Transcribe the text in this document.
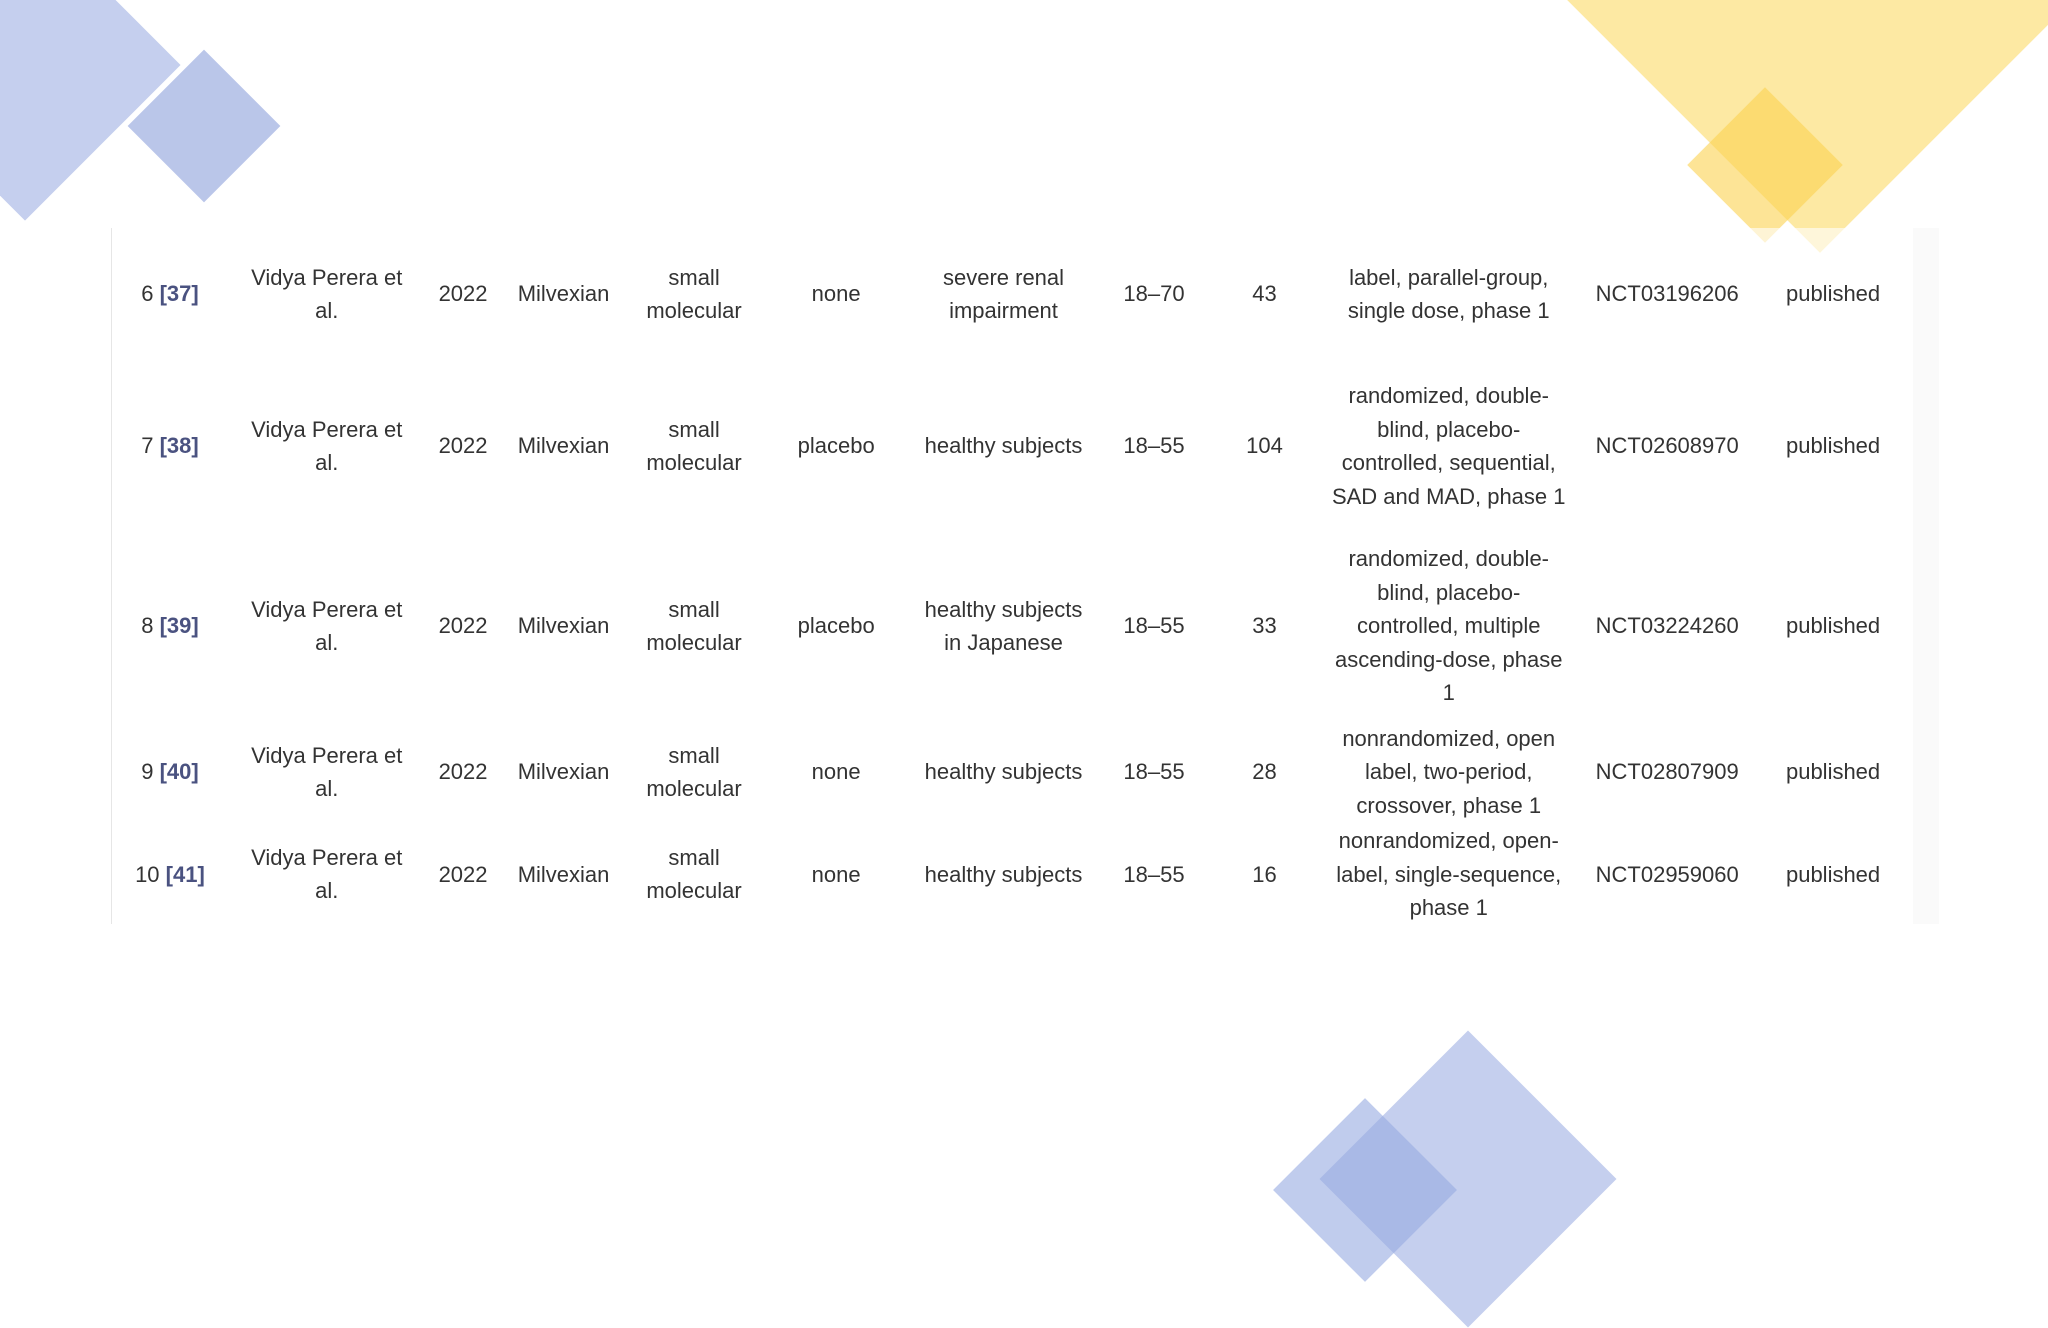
6 [37]	Vidya Perera et al.	2022	Milvexian	small molecular	none	severe renal impairment	18–70	43	label, parallel-group, single dose, phase 1	NCT03196206	published
7 [38]	Vidya Perera et al.	2022	Milvexian	small molecular	placebo	healthy subjects	18–55	104	randomized, double-blind, placebo-controlled, sequential, SAD and MAD, phase 1	NCT02608970	published
8 [39]	Vidya Perera et al.	2022	Milvexian	small molecular	placebo	healthy subjects in Japanese	18–55	33	randomized, double-blind, placebo-controlled, multiple ascending-dose, phase 1	NCT03224260	published
9 [40]	Vidya Perera et al.	2022	Milvexian	small molecular	none	healthy subjects	18–55	28	nonrandomized, open label, two-period, crossover, phase 1	NCT02807909	published
10 [41]	Vidya Perera et al.	2022	Milvexian	small molecular	none	healthy subjects	18–55	16	nonrandomized, open-label, single-sequence, phase 1	NCT02959060	published
